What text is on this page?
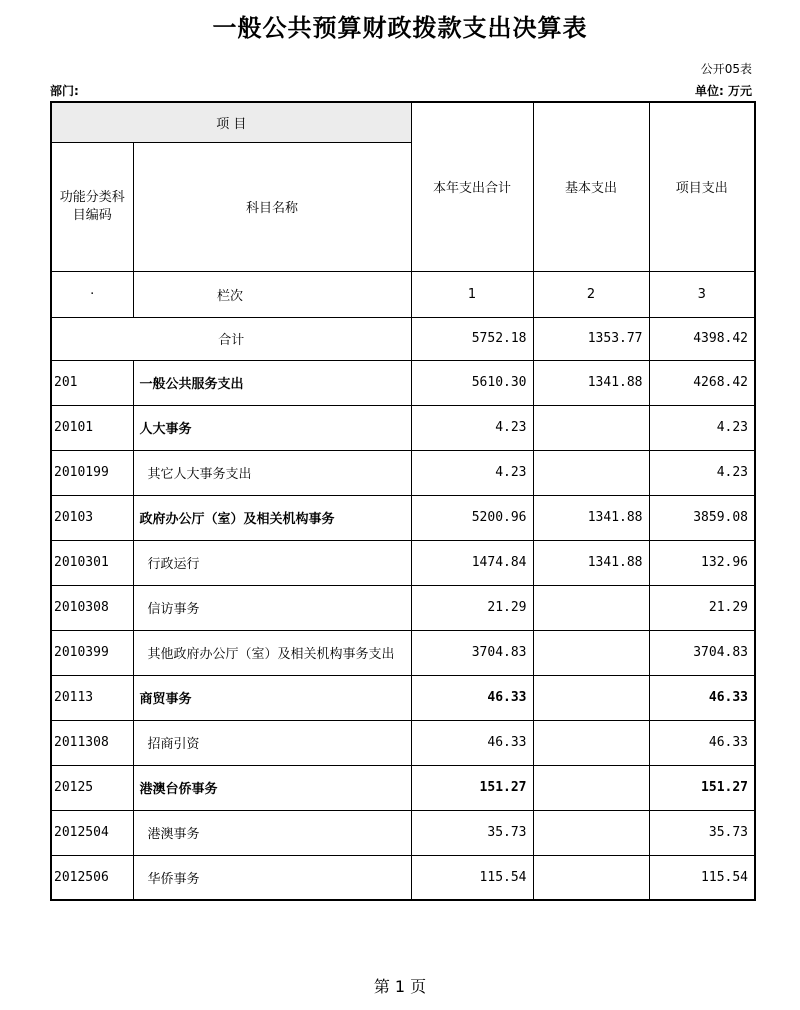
一般公共预算财政拨款支出决算表
公开05表
部门:	单位: 万元
项 目		本年支出合计	基本支出	项目支出
功能分类科目编码	科目名称			
·	栏次	1	2	3
合计		5752.18	1353.77	4398.42
201	一般公共服务支出	5610.30	1341.88	4268.42
20101	人大事务	4.23		4.23
2010199	其它人大事务支出	4.23		4.23
20103	政府办公厅（室）及相关机构事务	5200.96	1341.88	3859.08
2010301	行政运行	1474.84	1341.88	132.96
2010308	信访事务	21.29		21.29
2010399	其他政府办公厅（室）及相关机构事务支出	3704.83		3704.83
20113	商贸事务	46.33		46.33
2011308	招商引资	46.33		46.33
20125	港澳台侨事务	151.27		151.27
2012504	港澳事务	35.73		35.73
2012506	华侨事务	115.54		115.54
第 1 页
